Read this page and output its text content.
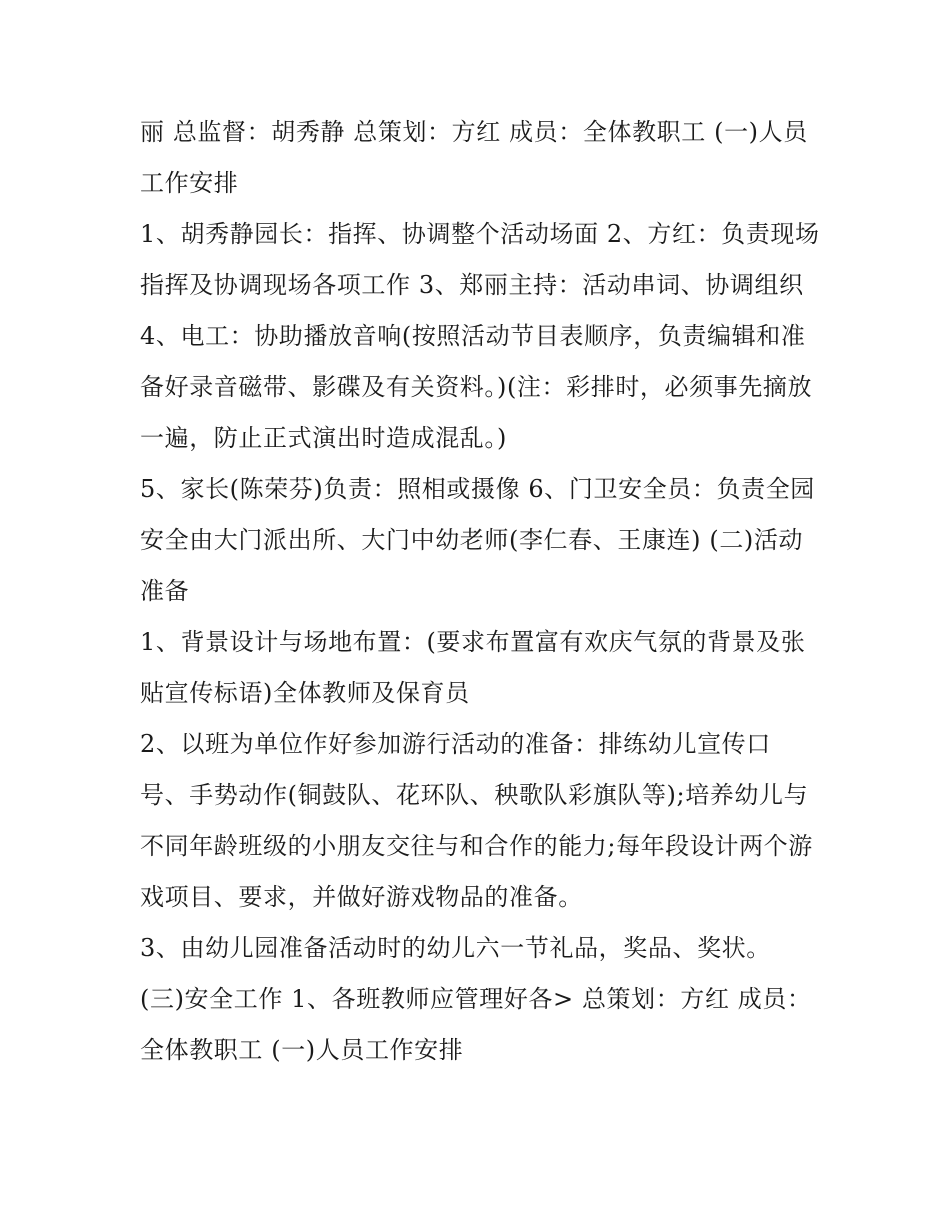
丽 总监督：胡秀静 总策划：方红 成员：全体教职工 (一)人员工作安排

1、胡秀静园长：指挥、协调整个活动场面 2、方红：负责现场指挥及协调现场各项工作 3、郑丽主持：活动串词、协调组织

4、电工：协助播放音响(按照活动节目表顺序，负责编辑和准备好录音磁带、影碟及有关资料。)(注：彩排时，必须事先摘放一遍，防止正式演出时造成混乱。)

5、家长(陈荣芬)负责：照相或摄像 6、门卫安全员：负责全园安全由大门派出所、大门中幼老师(李仁春、王康连) (二)活动准备

1、背景设计与场地布置：(要求布置富有欢庆气氛的背景及张贴宣传标语)全体教师及保育员

2、以班为单位作好参加游行活动的准备：排练幼儿宣传口号、手势动作(铜鼓队、花环队、秧歌队彩旗队等);培养幼儿与不同年龄班级的小朋友交往与和合作的能力;每年段设计两个游戏项目、要求，并做好游戏物品的准备。

3、由幼儿园准备活动时的幼儿六一节礼品，奖品、奖状。

(三)安全工作 1、各班教师应管理好各> 总策划：方红 成员：全体教职工 (一)人员工作安排
